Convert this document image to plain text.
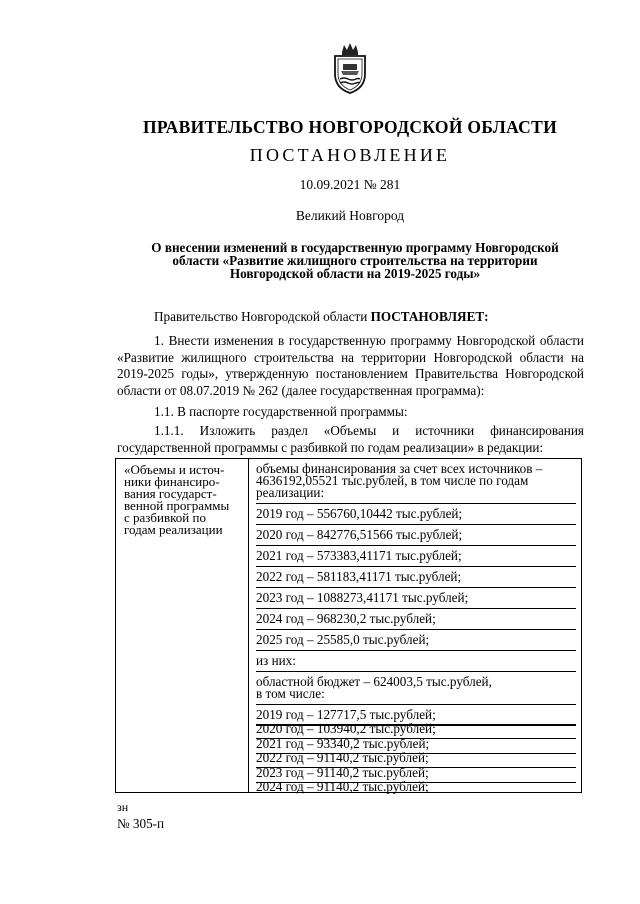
ПРАВИТЕЛЬСТВО НОВГОРОДСКОЙ ОБЛАСТИ
ПОСТАНОВЛЕНИЕ
10.09.2021 № 281
Великий Новгород
О внесении изменений в государственную программу Новгородской
области «Развитие жилищного строительства на территории
Новгородской области на 2019-2025 годы»
Правительство Новгородской области ПОСТАНОВЛЯЕТ:
1. Внести изменения в государственную программу Новгородской области «Развитие жилищного строительства на территории Новгородской области на 2019-2025 годы», утвержденную постановлением Правительства Новгородской области от 08.07.2019 № 262 (далее государственная программа):
1.1. В паспорте государственной программы:
1.1.1. Изложить раздел «Объемы и источники финансирования
государственной программы с разбивкой по годам реализации» в редакции:
«Объемы и источ-
ники финансиро-
вания государст-
венной программы
с разбивкой по
годам реализации
объемы финансирования за счет всех источников –
4636192,05521 тыс.рублей, в том числе по годам
реализации:
2019 год – 556760,10442 тыс.рублей;
2020 год – 842776,51566 тыс.рублей;
2021 год – 573383,41171 тыс.рублей;
2022 год – 581183,41171 тыс.рублей;
2023 год – 1088273,41171 тыс.рублей;
2024 год – 968230,2 тыс.рублей;
2025 год – 25585,0 тыс.рублей;
из них:
областной бюджет – 624003,5 тыс.рублей,
в том числе:
2019 год – 127717,5 тыс.рублей;
2020 год – 103940,2 тыс.рублей;
2021 год – 93340,2 тыс.рублей;
2022 год – 91140,2 тыс.рублей;
2023 год – 91140,2 тыс.рублей;
2024 год – 91140,2 тыс.рублей;
зн
№ 305-п
